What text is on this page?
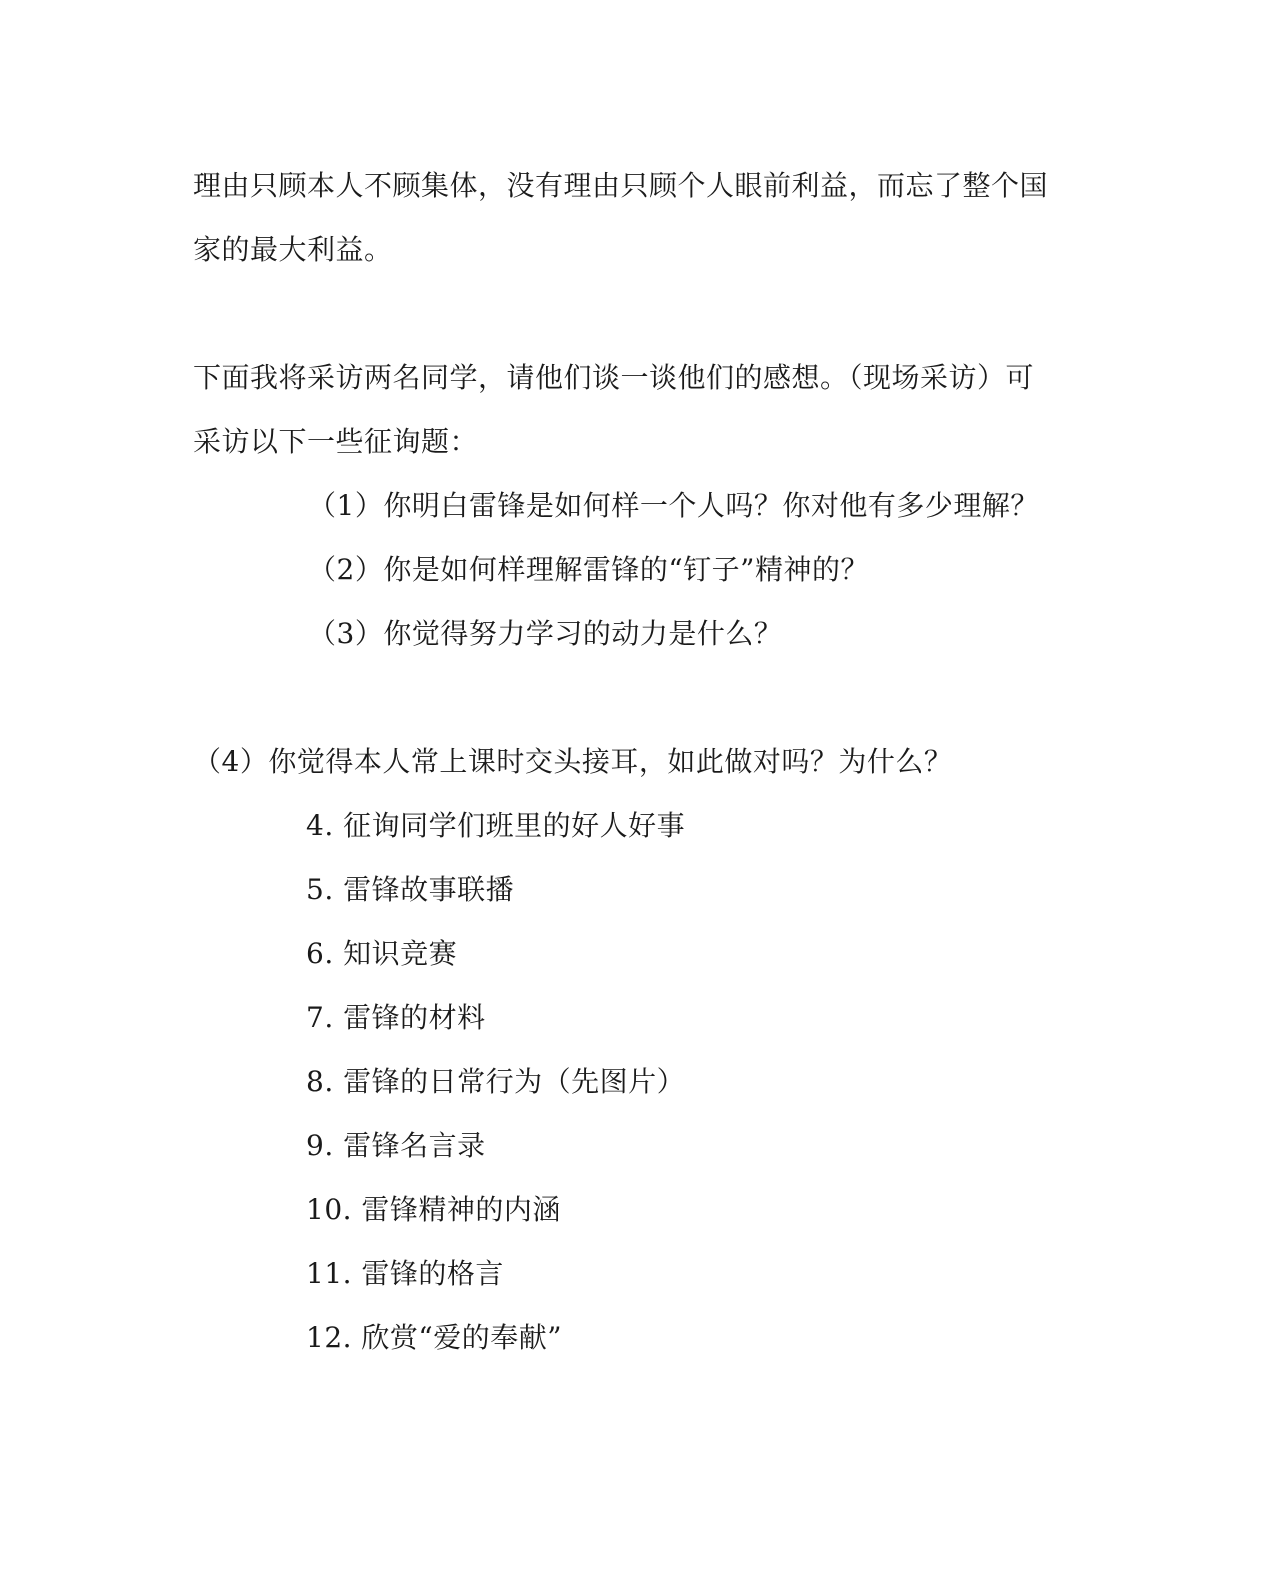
理由只顾本人不顾集体，没有理由只顾个人眼前利益，而忘了整个国
家的最大利益。
下面我将采访两名同学，请他们谈一谈他们的感想。（现场采访）可
采访以下一些征询题：
（1）你明白雷锋是如何样一个人吗？你对他有多少理解？
（2）你是如何样理解雷锋的“钉子”精神的？
（3）你觉得努力学习的动力是什么？
（4）你觉得本人常上课时交头接耳，如此做对吗？为什么？
4. 征询同学们班里的好人好事
5. 雷锋故事联播
6. 知识竞赛
7. 雷锋的材料
8. 雷锋的日常行为（先图片）
9. 雷锋名言录
10. 雷锋精神的内涵
11. 雷锋的格言
12. 欣赏“爱的奉献”
